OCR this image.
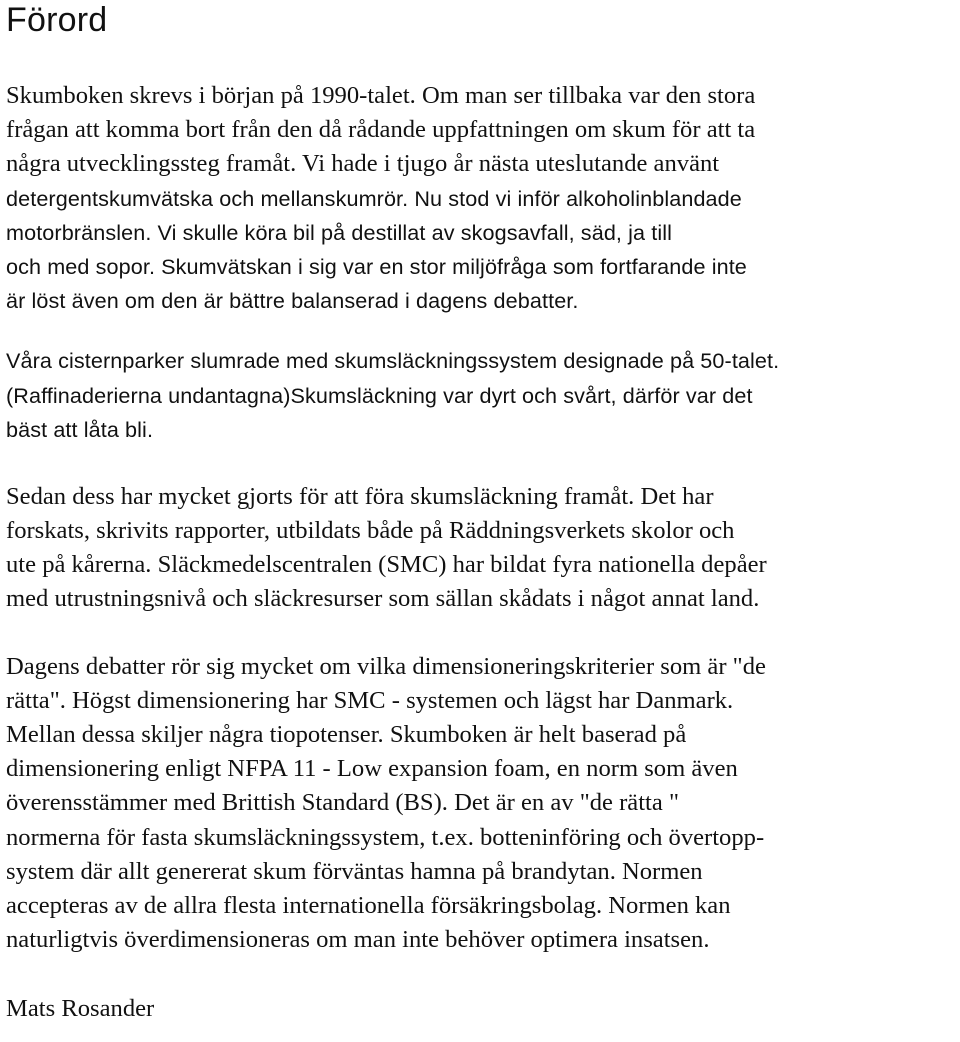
Förord
Skumboken skrevs i början på 1990-talet. Om man ser tillbaka var den stora
frågan att komma bort från den då rådande uppfattningen om skum för att ta
några utvecklingssteg framåt. Vi hade i tjugo år nästa uteslutande använt
detergentskumvätska och mellanskumrör. Nu stod vi inför alkoholinblandade
motorbränslen. Vi skulle köra bil på destillat av skogsavfall, säd, ja till
och med sopor. Skumvätskan i sig var en stor miljöfråga som fortfarande inte
är löst även om den är bättre balanserad i dagens debatter.
Våra cisternparker slumrade med skumsläckningssystem designade på 50-talet.
(Raffinaderierna undantagna)Skumsläckning var dyrt och svårt, därför var det
bäst att låta bli.
Sedan dess har mycket gjorts för att föra skumsläckning framåt. Det har
forskats, skrivits rapporter, utbildats både på Räddningsverkets skolor och
ute på kårerna. Släckmedelscentralen (SMC) har bildat fyra nationella depåer
med utrustningsnivå och släckresurser som sällan skådats i något annat land.
Dagens debatter rör sig mycket om vilka dimensioneringskriterier som är "de
rätta". Högst dimensionering har SMC - systemen och lägst har Danmark.
Mellan dessa skiljer några tiopotenser. Skumboken är helt baserad på
dimensionering enligt NFPA 11 - Low expansion foam, en norm som även
överensstämmer med Brittish Standard (BS). Det är en av "de rätta "
normerna för fasta skumsläckningssystem, t.ex. botteninföring och övertopp-
system där allt genererat skum förväntas hamna på brandytan. Normen
accepteras av de allra flesta internationella försäkringsbolag. Normen kan
naturligtvis överdimensioneras om man inte behöver optimera insatsen.
Mats Rosander
